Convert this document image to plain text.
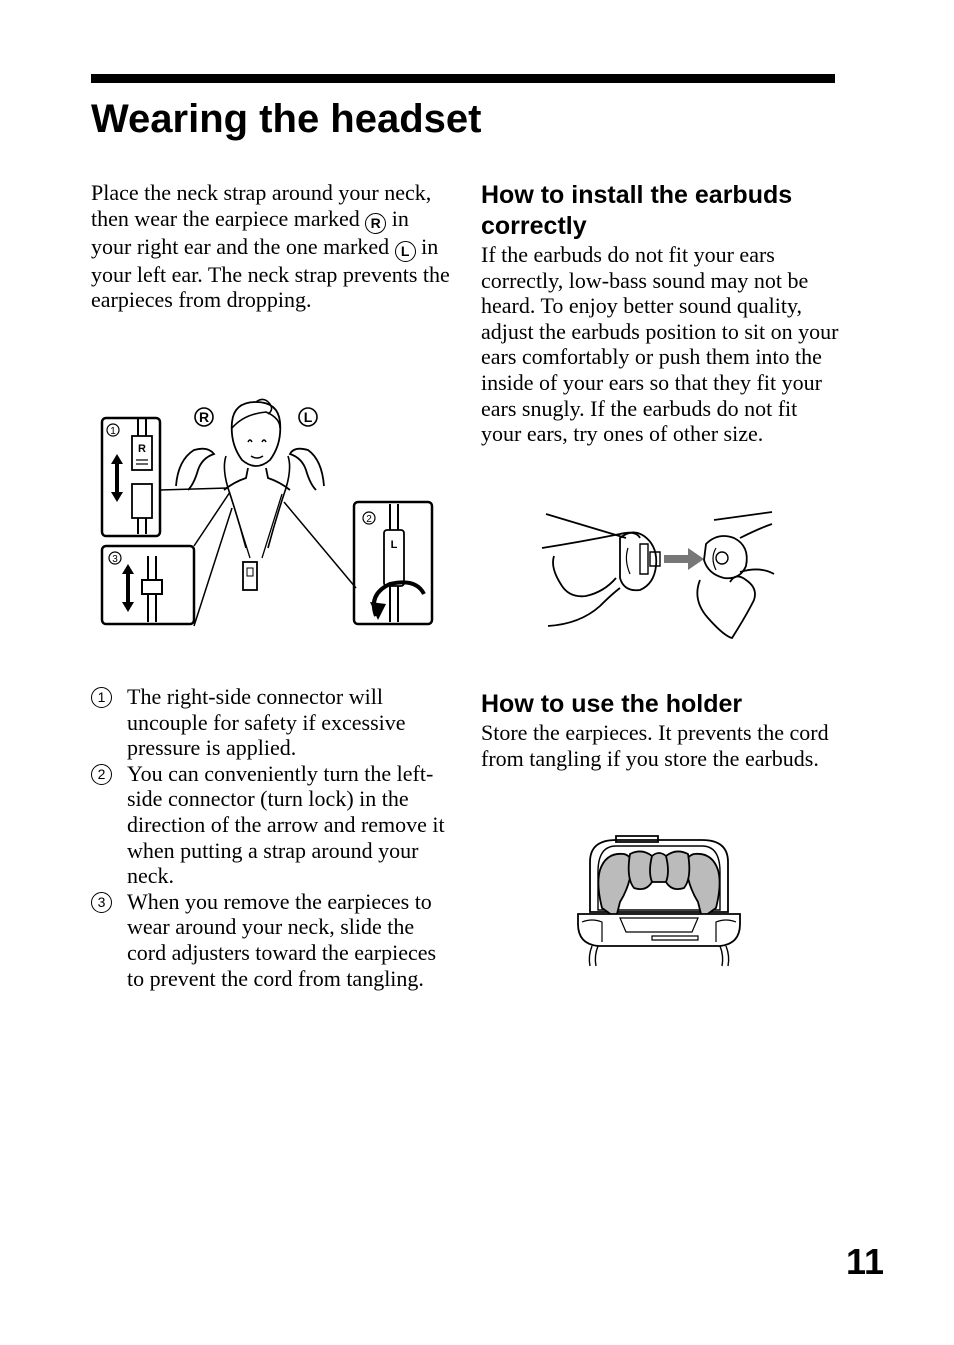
Wearing the headset

Place the neck strap around your neck, then wear the earpiece marked R in your right ear and the one marked L in your left ear. The neck strap prevents the earpieces from dropping.

1
R
3
R	L
2
L
1 The right-side connector will uncouple for safety if excessive pressure is applied.
2 You can conveniently turn the left-side connector (turn lock) in the direction of the arrow and remove it when putting a strap around your neck.
3 When you remove the earpieces to wear around your neck, slide the cord adjusters toward the earpieces to prevent the cord from tangling.
How to install the earbuds correctly

If the earbuds do not fit your ears correctly, low-bass sound may not be heard. To enjoy better sound quality, adjust the earbuds position to sit on your ears comfortably or push them into the inside of your ears so that they fit your ears snugly. If the earbuds do not fit your ears, try ones of other size.

How to use the holder

Store the earpieces. It prevents the cord from tangling if you store the earbuds.

11
